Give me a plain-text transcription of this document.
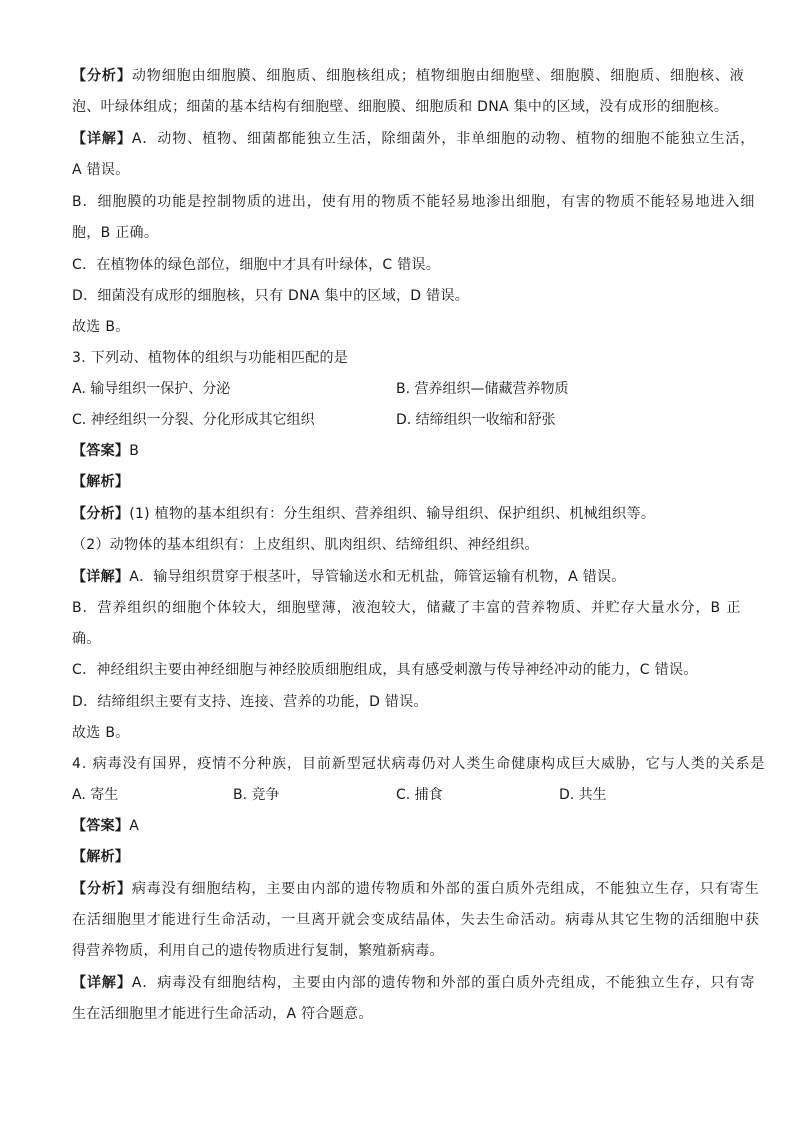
【分析】动物细胞由细胞膜、细胞质、细胞核组成；植物细胞由细胞壁、细胞膜、细胞质、细胞核、液
泡、叶绿体组成；细菌的基本结构有细胞壁、细胞膜、细胞质和 DNA 集中的区域，没有成形的细胞核。
【详解】A．动物、植物、细菌都能独立生活，除细菌外，非单细胞的动物、植物的细胞不能独立生活，
A 错误。
B．细胞膜的功能是控制物质的进出，使有用的物质不能轻易地渗出细胞，有害的物质不能轻易地进入细
胞，B 正确。
C．在植物体的绿色部位，细胞中才具有叶绿体，C 错误。
D．细菌没有成形的细胞核，只有 DNA 集中的区域，D 错误。
故选 B。
3. 下列动、植物体的组织与功能相匹配的是
A. 输导组织一保护、分泌	B. 营养组织—储藏营养物质
C. 神经组织一分裂、分化形成其它组织	D. 结缔组织一收缩和舒张
【答案】B
【解析】
【分析】(1) 植物的基本组织有：分生组织、营养组织、输导组织、保护组织、机械组织等。
（2）动物体的基本组织有：上皮组织、肌肉组织、结缔组织、神经组织。
【详解】A．输导组织贯穿于根茎叶，导管输送水和无机盐，筛管运输有机物，A 错误。
B．营养组织的细胞个体较大，细胞壁薄，液泡较大，储藏了丰富的营养物质、并贮存大量水分，B 正
确。
C．神经组织主要由神经细胞与神经胶质细胞组成，具有感受刺激与传导神经冲动的能力，C 错误。
D．结缔组织主要有支持、连接、营养的功能，D 错误。
故选 B。
4. 病毒没有国界，疫情不分种族，目前新型冠状病毒仍对人类生命健康构成巨大威胁，它与人类的关系是
A. 寄生	B. 竞争	C. 捕食	D. 共生
【答案】A
【解析】
【分析】病毒没有细胞结构，主要由内部的遗传物质和外部的蛋白质外壳组成，不能独立生存，只有寄生
在活细胞里才能进行生命活动，一旦离开就会变成结晶体，失去生命活动。病毒从其它生物的活细胞中获
得营养物质，利用自己的遗传物质进行复制，繁殖新病毒。
【详解】A．病毒没有细胞结构，主要由内部的遗传物和外部的蛋白质外壳组成，不能独立生存，只有寄
生在活细胞里才能进行生命活动，A 符合题意。
